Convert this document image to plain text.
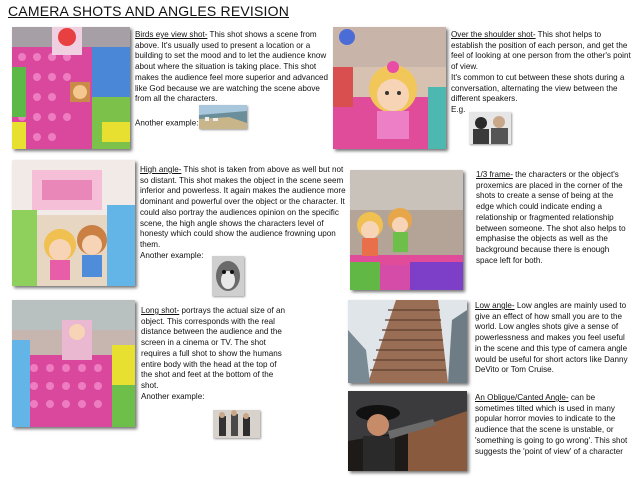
CAMERA SHOTS AND ANGLES REVISION

Birds eye view shot- This shot shows a scene from above. It's usually used to present a location or a building to set the mood and to let the audience know about where the situation is taking place. This shot makes the audience feel more superior and advanced like God because we are watching the scene above from all the characters.

Another example:

Over the shoulder shot- This shot helps to establish the position of each person, and get the feel of looking at one person from the other's point of view.

It's common to cut between these shots during a conversation, alternating the view between the different speakers.

E.g.

High angle- This shot is taken from above as well but not so distant. This shot makes the object in the scene seem inferior and powerless. It again makes the audience more dominant and powerful over the object or the character. It could also portray the audiences opinion on the specific scene, the high angle shows the characters level of honesty which could show the audience frowning upon them.

Another example:

1/3 frame- the characters or the object's proxemics are placed in the corner of the shots to create a sense of being at the edge which could indicate ending a relationship or fragmented relationship between someone. The shot also helps to emphasise the objects as well as the background because there is enough space left for both.

Long shot- portrays the actual size of an object. This corresponds with the real distance between the audience and the screen in a cinema or TV. The shot requires a full shot to show the humans entire body with the head at the top of the shot and feet at the bottom of the shot.

Another example:

Low angle- Low angles are mainly used to give an effect of how small you are to the world. Low angles shots give a sense of powerlessness and makes you feel useful in the scene and this type of camera angle would be useful for short actors like Danny DeVito or Tom Cruise.

An Oblique/Canted Angle- can be sometimes tilted which is used in many popular horror movies to indicate to the audience that the scene is unstable, or 'something is going to go wrong'. This shot suggests the 'point of view' of a character
